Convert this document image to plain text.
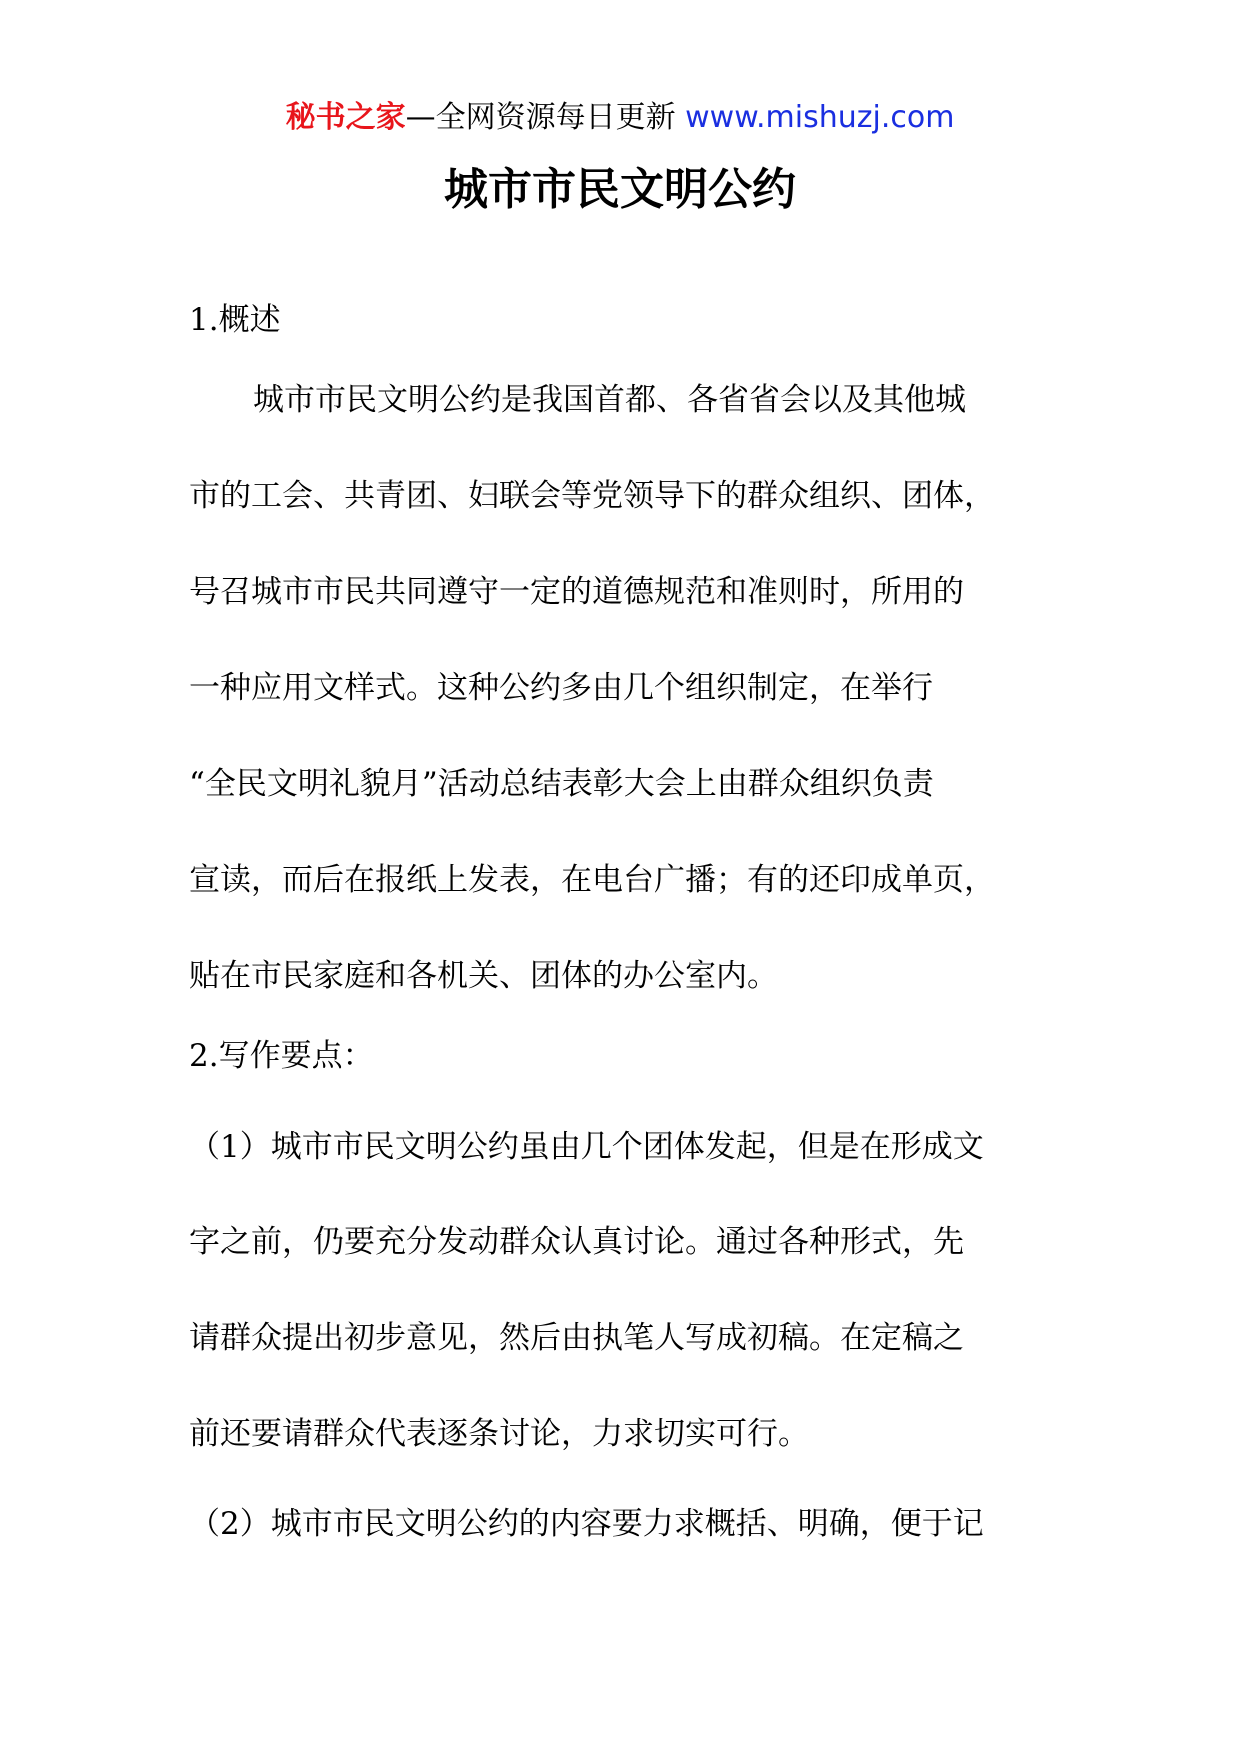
秘书之家—全网资源每日更新 www.mishuzj.com
城市市民文明公约
1.概述
城市市民文明公约是我国首都、各省省会以及其他城
市的工会、共青团、妇联会等党领导下的群众组织、团体，
号召城市市民共同遵守一定的道德规范和准则时，所用的
一种应用文样式。这种公约多由几个组织制定，在举行
“全民文明礼貌月”活动总结表彰大会上由群众组织负责
宣读，而后在报纸上发表，在电台广播；有的还印成单页，
贴在市民家庭和各机关、团体的办公室内。
2.写作要点：
（1）城市市民文明公约虽由几个团体发起，但是在形成文
字之前，仍要充分发动群众认真讨论。通过各种形式，先
请群众提出初步意见，然后由执笔人写成初稿。在定稿之
前还要请群众代表逐条讨论，力求切实可行。
（2）城市市民文明公约的内容要力求概括、明确，便于记
